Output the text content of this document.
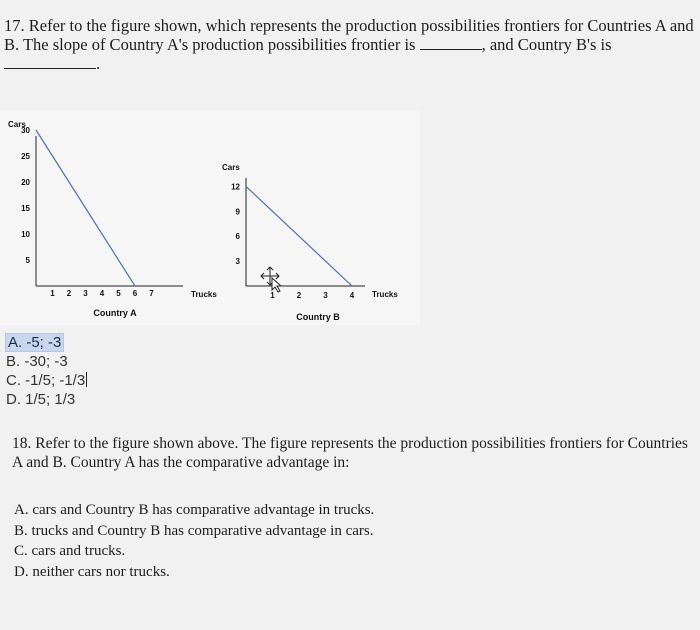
17. Refer to the figure shown, which represents the production possibilities frontiers for Countries A and B. The slope of Country A's production possibilities frontier is	, and Country B's is .
Cars
Trucks
Country A
5
10
15
20
25
30
1 2 3 4 5 6 7
Cars
Trucks
Country B
3
6
9
12
1	2	3	4
A. -5; -3
B. -30; -3
C. -1/5; -1/3
D. 1/5; 1/3
18. Refer to the figure shown above. The figure represents the production possibilities frontiers for Countries A and B. Country A has the comparative advantage in:
A. cars and Country B has comparative advantage in trucks.
B. trucks and Country B has comparative advantage in cars.
C. cars and trucks.
D. neither cars nor trucks.
